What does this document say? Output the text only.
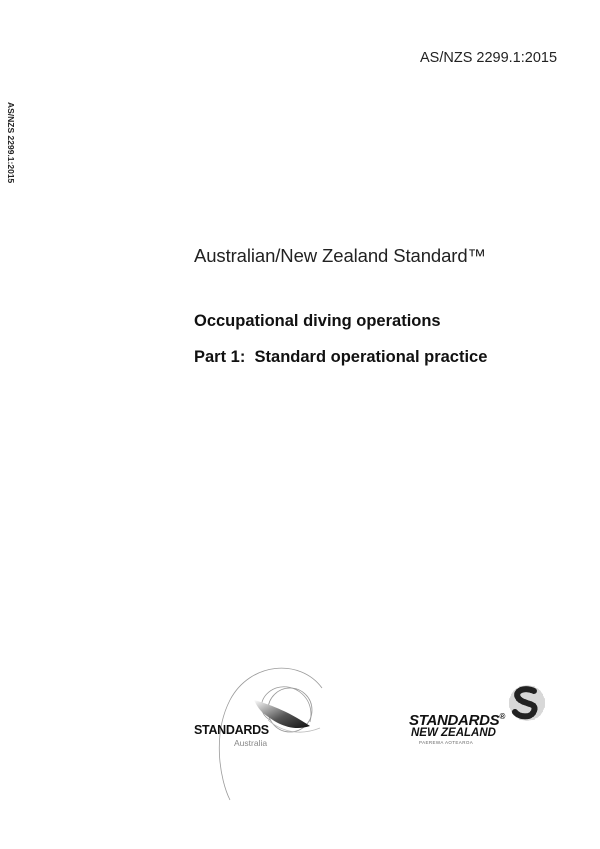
AS/NZS 2299.1:2015
AS/NZS 2299.1:2015
Australian/New Zealand Standard™
Occupational diving operations
Part 1:  Standard operational practice
STANDARDS
Australia
STANDARDS®
NEW ZEALAND
PAEREWA AOTEAROA
